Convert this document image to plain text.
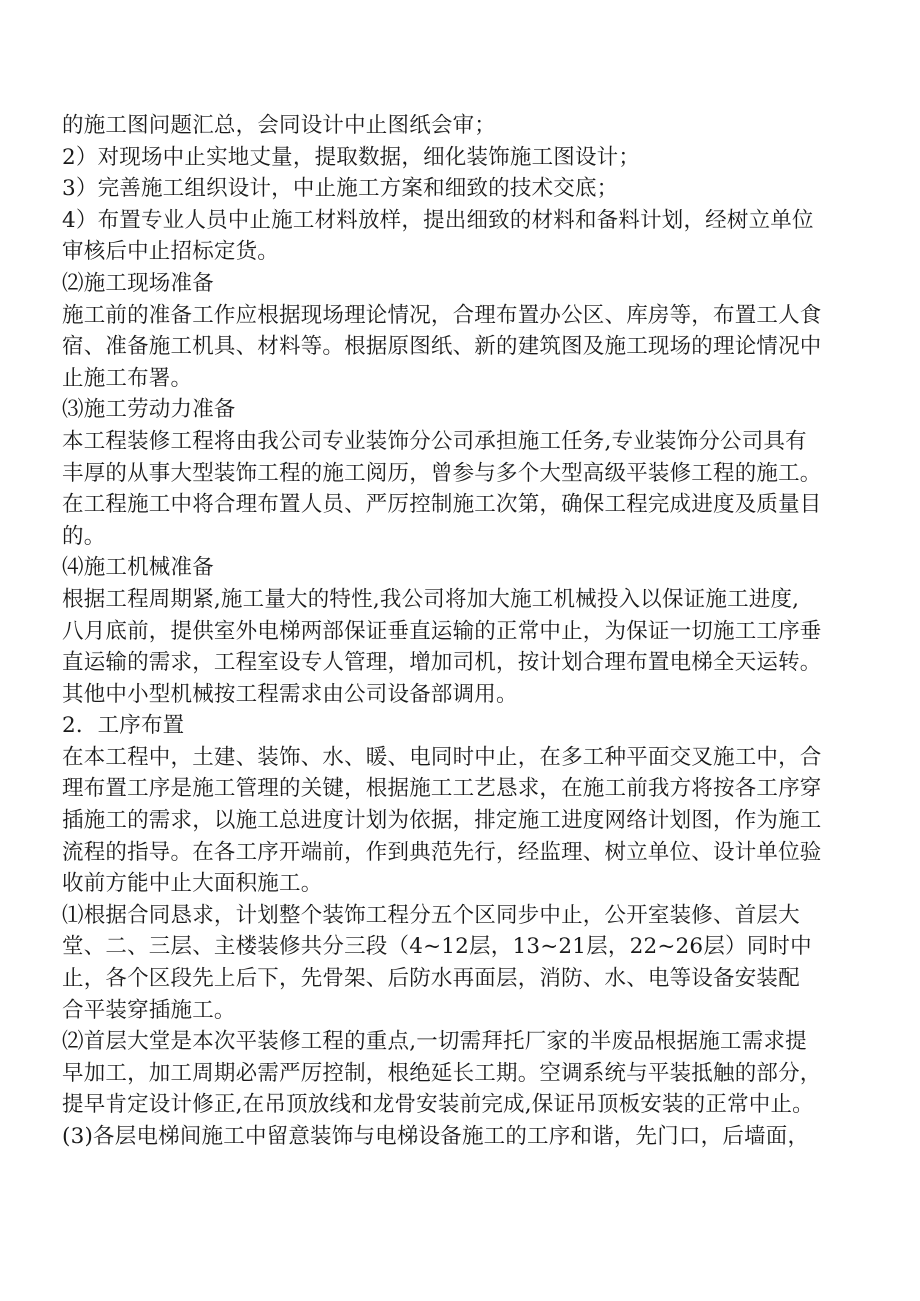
的施工图问题汇总，会同设计中止图纸会审；
2）对现场中止实地丈量，提取数据，细化装饰施工图设计；
3）完善施工组织设计，中止施工方案和细致的技术交底；
4）布置专业人员中止施工材料放样，提出细致的材料和备料计划，经树立单位
审核后中止招标定货。
⑵施工现场准备
施工前的准备工作应根据现场理论情况，合理布置办公区、库房等，布置工人食
宿、准备施工机具、材料等。根据原图纸、新的建筑图及施工现场的理论情况中
止施工布署。
⑶施工劳动力准备
本工程装修工程将由我公司专业装饰分公司承担施工任务,专业装饰分公司具有
丰厚的从事大型装饰工程的施工阅历，曾参与多个大型高级平装修工程的施工。
在工程施工中将合理布置人员、严厉控制施工次第，确保工程完成进度及质量目
的。
⑷施工机械准备
根据工程周期紧,施工量大的特性,我公司将加大施工机械投入以保证施工进度,
八月底前，提供室外电梯两部保证垂直运输的正常中止，为保证一切施工工序垂
直运输的需求，工程室设专人管理，增加司机，按计划合理布置电梯全天运转。
其他中小型机械按工程需求由公司设备部调用。
2．工序布置
在本工程中，土建、装饰、水、暖、电同时中止，在多工种平面交叉施工中，合
理布置工序是施工管理的关键，根据施工工艺恳求，在施工前我方将按各工序穿
插施工的需求，以施工总进度计划为依据，排定施工进度网络计划图，作为施工
流程的指导。在各工序开端前，作到典范先行，经监理、树立单位、设计单位验
收前方能中止大面积施工。
⑴根据合同恳求，计划整个装饰工程分五个区同步中止，公开室装修、首层大
堂、二、三层、主楼装修共分三段（4~12层，13~21层，22~26层）同时中
止，各个区段先上后下，先骨架、后防水再面层，消防、水、电等设备安装配
合平装穿插施工。
⑵首层大堂是本次平装修工程的重点,一切需拜托厂家的半废品根据施工需求提
早加工，加工周期必需严厉控制，根绝延长工期。空调系统与平装抵触的部分，
提早肯定设计修正,在吊顶放线和龙骨安装前完成,保证吊顶板安装的正常中止。
(3)各层电梯间施工中留意装饰与电梯设备施工的工序和谐，先门口，后墙面，
